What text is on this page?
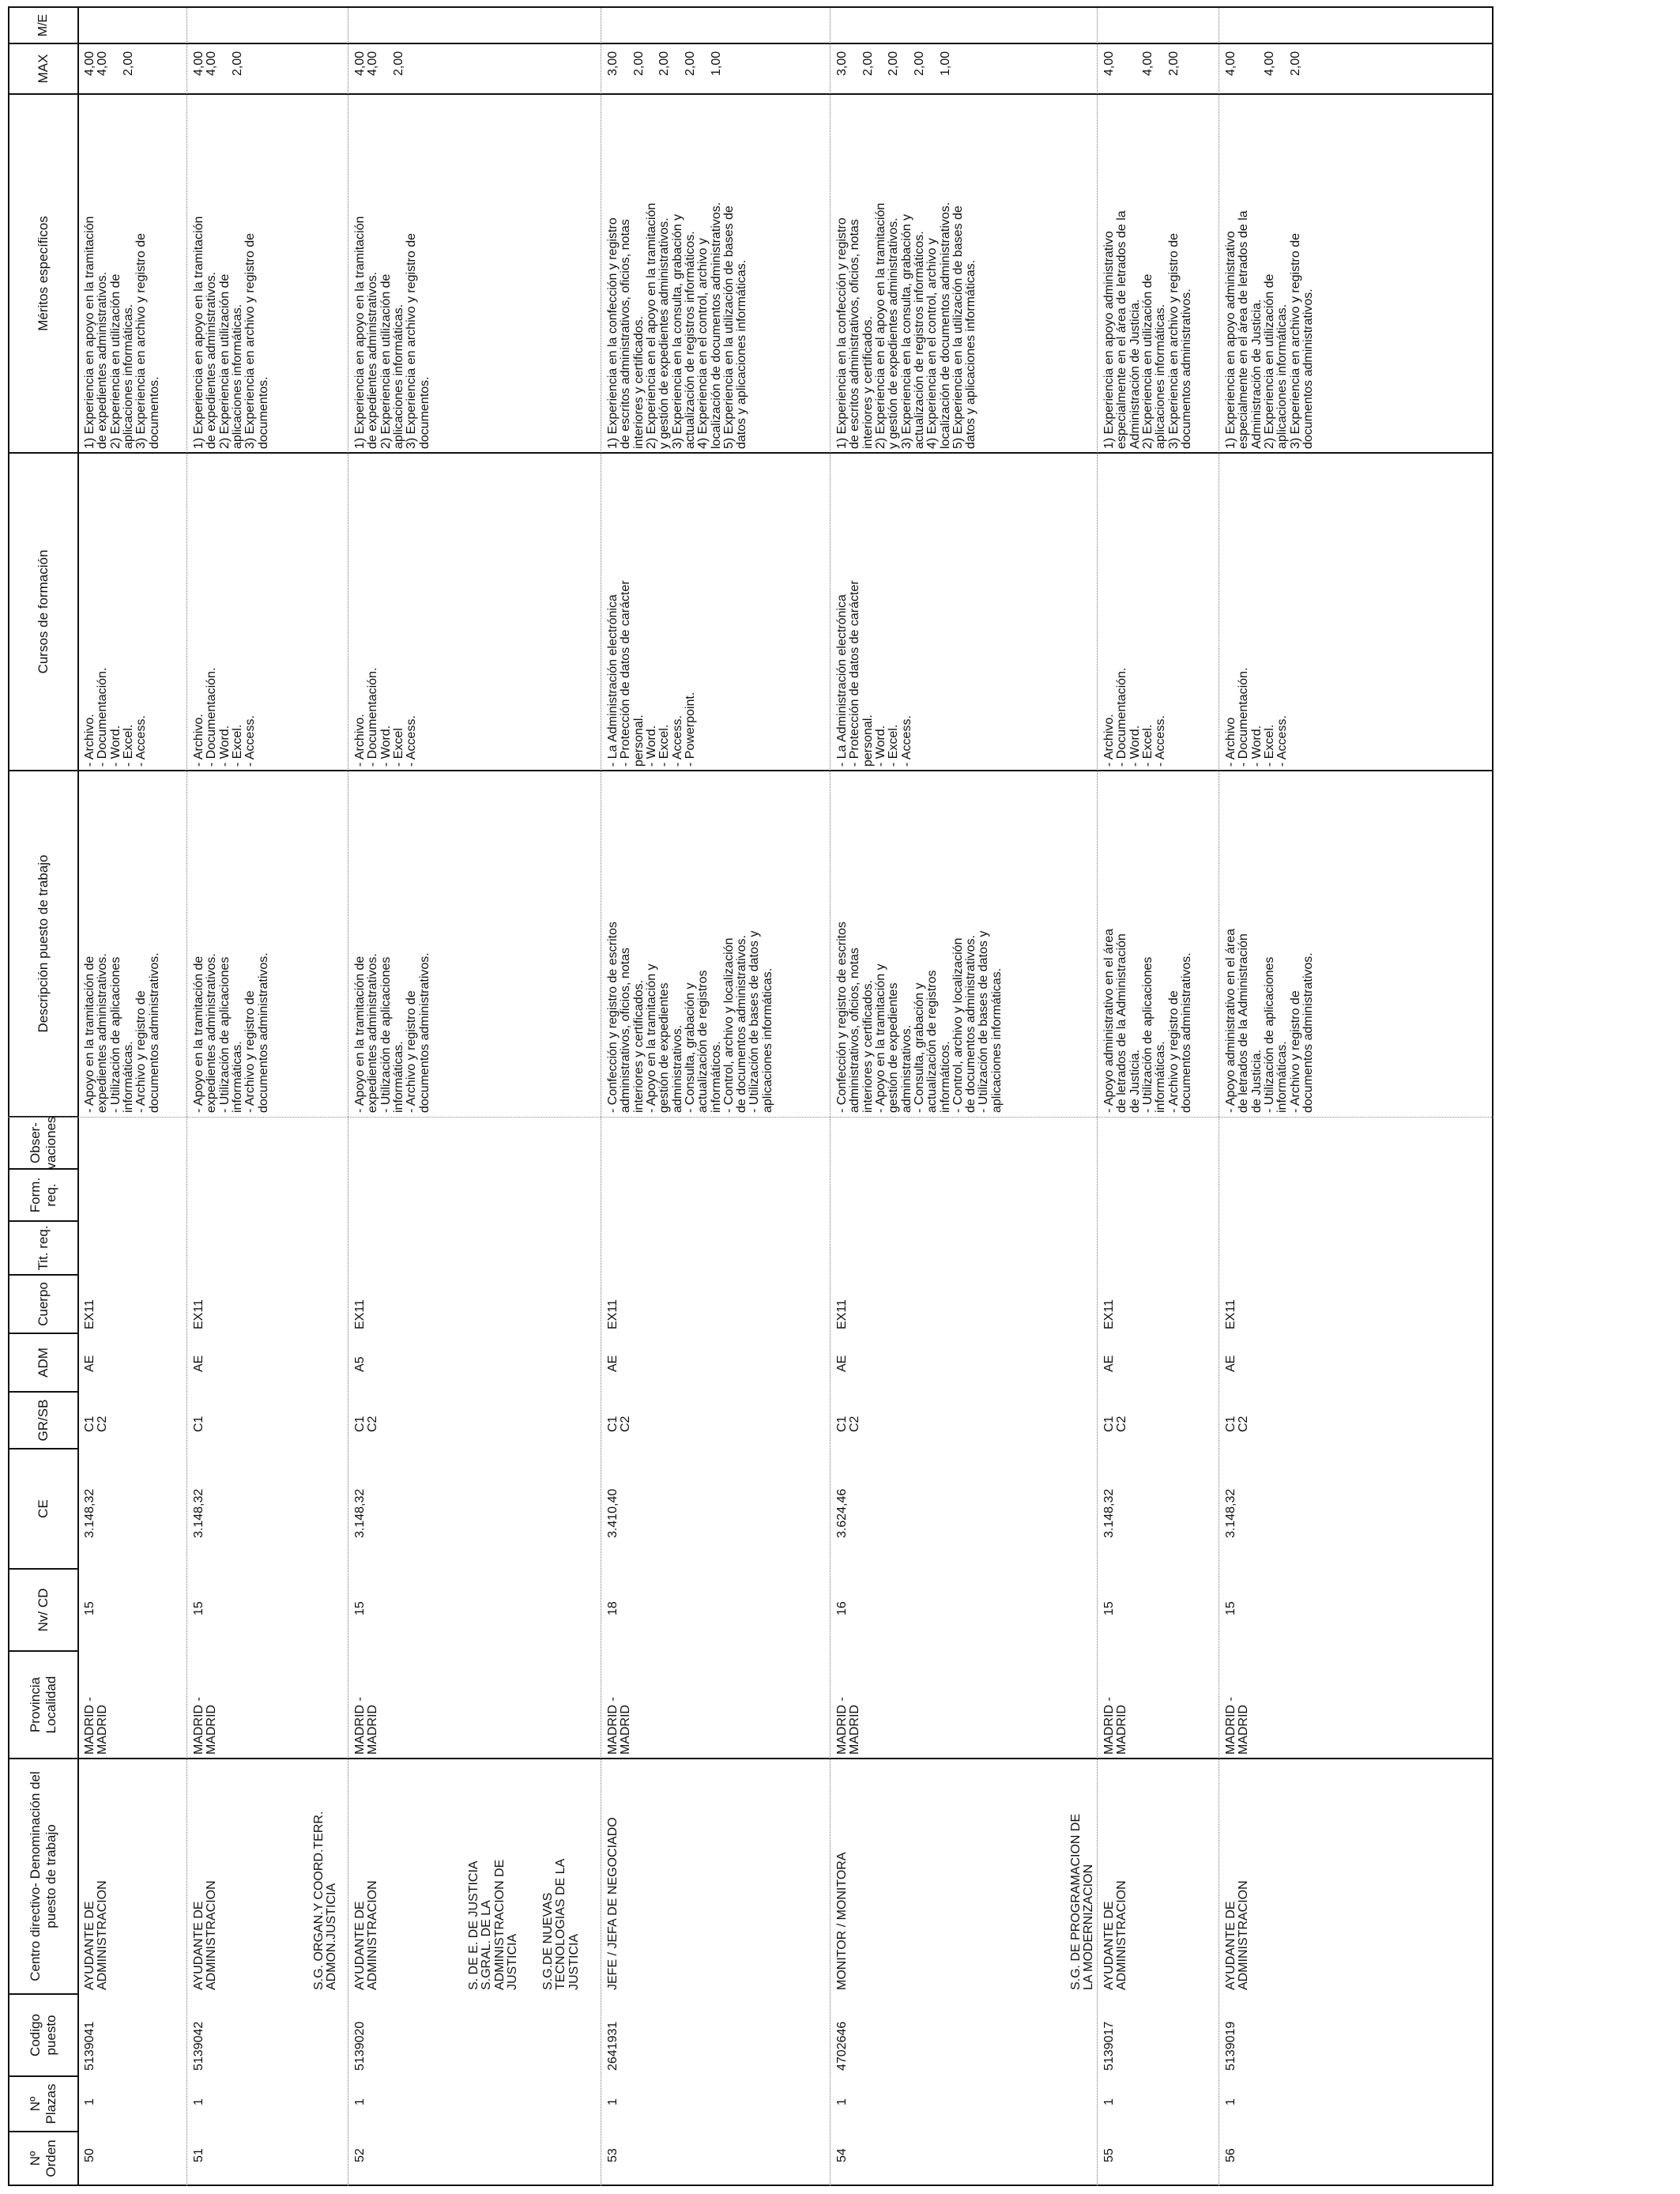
Nº Orden
Nº Plazas
Codigo puesto
Centro directivo- Denominación del puesto de trabajo
Provincia Localidad
Nv/ CD
CE
GR/SB
ADM
Cuerpo
Tit. req.
Form. req.
Obser- vaciones
Descripción puesto de trabajo
Cursos de formación
Méritos específicos
MAX
M/E
S.G. ORGAN.Y COORD.TERR.
ADMON.JUSTICIA	S. DE E. DE JUSTICIA
S.GRAL. DE LA
ADMINISTRACION DE
JUSTICIA S.G.DE NUEVAS
TECNOLOGIAS DE LA
JUSTICIA	S.G. DE PROGRAMACION DE
LA MODERNIZACION
50
1
5139041
AYUDANTE DE
ADMINISTRACION
MADRID -
MADRID
15
3.148,32
C1
C2
AE
EX11
- Apoyo en la tramitación de
expedientes administrativos.
- Utilización de aplicaciones
informáticas.
- Archivo y registro de
documentos administrativos.
- Archivo.
- Documentación.
- Word.
- Excel.
- Access.
1) Experiencia en apoyo en la tramitación
de expedientes administrativos.
2) Experiencia en utilización de
aplicaciones informáticas.
3) Experiencia en archivo y registro de
documentos.
4,00
4,00

2,00
51
1
5139042
AYUDANTE DE
ADMINISTRACION
MADRID -
MADRID
15
3.148,32
C1
AE
EX11
- Apoyo en la tramitación de
expedientes administrativos.
- Utilización de aplicaciones
informáticas.
- Archivo y registro de
documentos administrativos.
- Archivo.
- Documentación.
- Word.
- Excel.
- Access.
1) Experiencia en apoyo en la tramitación
de expedientes administrativos.
2) Experiencia en utilización de
aplicaciones informáticas.
3) Experiencia en archivo y registro de
documentos.
4,00
4,00

2,00
52
1
5139020
AYUDANTE DE
ADMINISTRACION
MADRID -
MADRID
15
3.148,32
C1
C2
A5
EX11
- Apoyo en la tramitación de
expedientes administrativos.
- Utilización de aplicaciones
informáticas.
- Archivo y registro de
documentos administrativos.
- Archivo.
- Documentación.
- Word.
- Excel
- Access.
1) Experiencia en apoyo en la tramitación
de expedientes administrativos.
2) Experiencia en utilización de
aplicaciones informáticas.
3) Experiencia en archivo y registro de
documentos.
4,00
4,00

2,00
53
1
2641931
JEFE / JEFA DE NEGOCIADO
MADRID -
MADRID
18
3.410,40
C1
C2
AE
EX11
- Confección y registro de escritos
administrativos, oficios, notas
interiores y certificados.
- Apoyo en la tramitación y
gestión de expedientes
administrativos.
- Consulta, grabación y
actualización de registros
informáticos.
- Control, archivo y localización
de documentos administrativos.
- Utilización de bases de datos y
aplicaciones informáticas.
- La Administración electrónica
- Protección de datos de carácter
personal.
- Word.
- Excel.
- Access.
- Powerpoint.
1) Experiencia en la confección y registro
de escritos administrativos, oficios, notas
interiores y certificados.
2) Experiencia en el apoyo en la tramitación
y gestión de expedientes administrativos.
3) Experiencia en la consulta, grabación y
actualización de registros informáticos.
4) Experiencia en el control, archivo y
localización de documentos administrativos.
5) Experiencia en la utilización de bases de
datos y aplicaciones informáticas.
3,00

2,00

2,00

2,00

1,00
54
1
4702646
MONITOR / MONITORA
MADRID -
MADRID
16
3.624,46
C1
C2
AE
EX11
- Confección y registro de escritos
administrativos, oficios, notas
interiores y certificados.
- Apoyo en la tramitación y
gestión de expedientes
administrativos.
- Consulta, grabación y
actualización de registros
informáticos.
- Control, archivo y localización
de documentos administrativos.
- Utilización de bases de datos y
aplicaciones informáticas.
- La Administración electrónica
- Protección de datos de carácter
personal.
- Word.
- Excel.
- Access.
1) Experiencia en la confección y registro
de escritos administrativos, oficios, notas
interiores y certificados.
2) Experiencia en el apoyo en la tramitación
y gestión de expedientes administrativos.
3) Experiencia en la consulta, grabación y
actualización de registros informáticos.
4) Experiencia en el control, archivo y
localización de documentos administrativos.
5) Experiencia en la utilización de bases de
datos y aplicaciones informáticas.
3,00

2,00

2,00

2,00

1,00
55
1
5139017
AYUDANTE DE
ADMINISTRACION
MADRID -
MADRID
15
3.148,32
C1
C2
AE
EX11
- Apoyo administrativo en el área
de letrados de la Administración
de Justicia.
- Utilización de aplicaciones
informáticas.
- Archivo y registro de
documentos administrativos.
- Archivo.
- Documentación.
- Word.
- Excel.
- Access.
1) Experiencia en apoyo administrativo
especialmente en el área de letrados de la
Administración de Justicia.
2) Experiencia en utilización de
aplicaciones informáticas.
3) Experiencia en archivo y registro de
documentos administrativos.
4,00

4,00

2,00
56
1
5139019
AYUDANTE DE
ADMINISTRACION
MADRID -
MADRID
15
3.148,32
C1
C2
AE
EX11
- Apoyo administrativo en el área
de letrados de la Administración
de Justicia.
- Utilización de aplicaciones
informáticas.
- Archivo y registro de
documentos administrativos.
- Archivo
- Documentación.
- Word.
- Excel.
- Access.
1) Experiencia en apoyo administrativo
especialmente en el área de letrados de la
Administración de Justicia.
2) Experiencia en utilización de
aplicaciones informáticas.
3) Experiencia en archivo y registro de
documentos administrativos.
4,00

4,00

2,00
